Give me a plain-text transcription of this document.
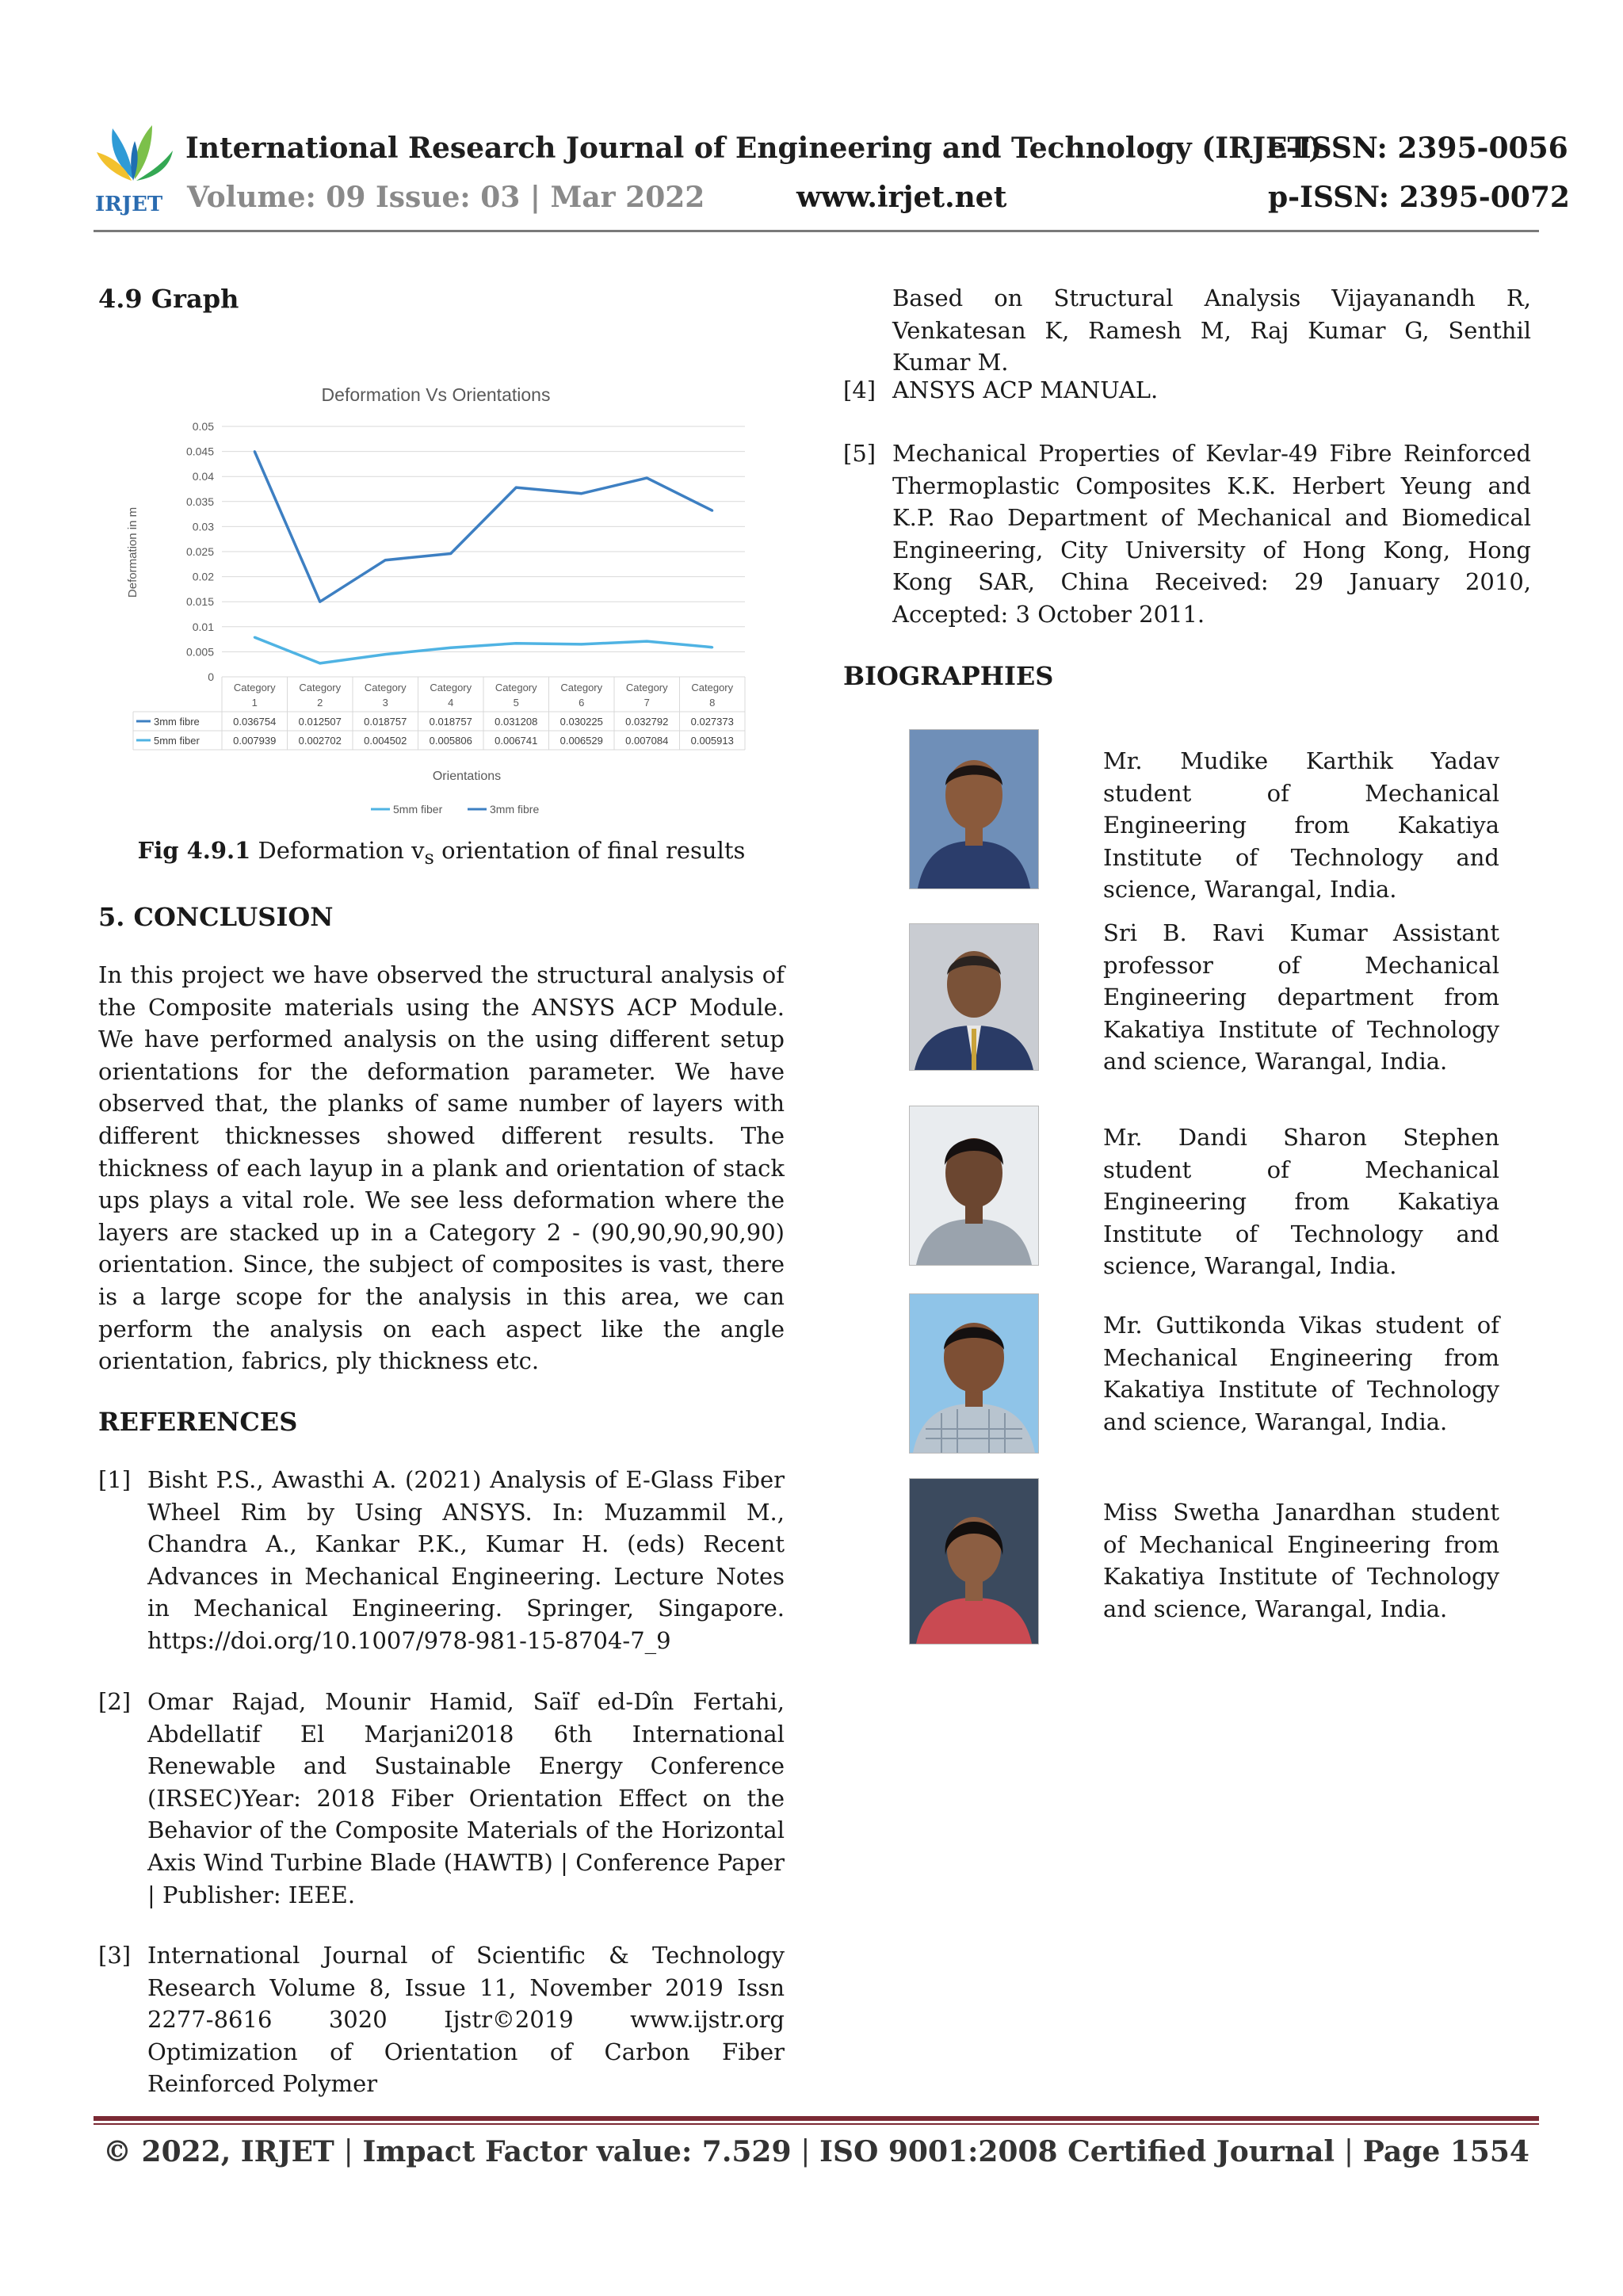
IRJET
International Research Journal of Engineering and Technology (IRJET)
e-ISSN: 2395-0056
Volume: 09 Issue: 03 | Mar 2022	www.irjet.net	p-ISSN: 2395-0072
4.9 Graph
Deformation Vs Orientations
Deformation in m
0
0.005
0.01
0.015
0.02
0.025
0.03
0.035
0.04
0.045
0.05
Category
1
Category
2
Category
3
Category
4
Category
5
Category
6
Category
7
Category
8
3mm fibre	0.036754 0.012507 0.018757 0.018757 0.031208 0.030225 0.032792 0.027373
5mm fiber	0.007939 0.002702 0.004502 0.005806 0.006741 0.006529 0.007084 0.005913
Orientations
5mm fiber	3mm fibre
Fig 4.9.1 Deformation $v_s$ orientation of final results
5. CONCLUSION
In this project we have observed the structural analysis of the Composite materials using the ANSYS ACP Module. We have performed analysis on the using different setup orientations for the deformation parameter. We have observed that, the planks of same number of layers with different thicknesses showed different results. The thickness of each layup in a plank and orientation of stack ups plays a vital role. We see less deformation where the layers are stacked up in a Category 2 - (90,90,90,90,90) orientation. Since, the subject of composites is vast, there is a large scope for the analysis in this area, we can perform the analysis on each aspect like the angle orientation, fabrics, ply thickness etc.
REFERENCES
[1] Bisht P.S., Awasthi A. (2021) Analysis of E-Glass Fiber Wheel Rim by Using ANSYS. In: Muzammil M., Chandra A., Kankar P.K., Kumar H. (eds) Recent Advances in Mechanical Engineering. Lecture Notes in Mechanical Engineering. Springer, Singapore. https://doi.org/10.1007/978-981-15-8704-7_9
[2] Omar Rajad, Mounir Hamid, Saïf ed-Dîn Fertahi, Abdellatif El Marjani2018 6th International Renewable and Sustainable Energy Conference (IRSEC)Year: 2018 Fiber Orientation Effect on the Behavior of the Composite Materials of the Horizontal Axis Wind Turbine Blade (HAWTB) | Conference Paper | Publisher: IEEE.
[3] International Journal of Scientific & Technology Research Volume 8, Issue 11, November 2019 Issn 2277-8616 3020 Ijstr©2019 www.ijstr.org Optimization of Orientation of Carbon Fiber Reinforced Polymer
Based on Structural Analysis Vijayanandh R, Venkatesan K, Ramesh M, Raj Kumar G, Senthil Kumar M.
[4] ANSYS ACP MANUAL.
[5] Mechanical Properties of Kevlar-49 Fibre Reinforced Thermoplastic Composites K.K. Herbert Yeung and K.P. Rao Department of Mechanical and Biomedical Engineering, City University of Hong Kong, Hong Kong SAR, China Received: 29 January 2010, Accepted: 3 October 2011.
BIOGRAPHIES
Mr. Mudike Karthik Yadav student of Mechanical Engineering from Kakatiya Institute of Technology and science, Warangal, India.
Sri B. Ravi Kumar Assistant professor of Mechanical Engineering department from Kakatiya Institute of Technology and science, Warangal, India.
Mr. Dandi Sharon Stephen student of Mechanical Engineering from Kakatiya Institute of Technology and science, Warangal, India.
Mr. Guttikonda Vikas student of Mechanical Engineering from Kakatiya Institute of Technology and science, Warangal, India.
Miss Swetha Janardhan student of Mechanical Engineering from Kakatiya Institute of Technology and science, Warangal, India.
© 2022, IRJET | Impact Factor value: 7.529 | ISO 9001:2008 Certified Journal | Page 1554
